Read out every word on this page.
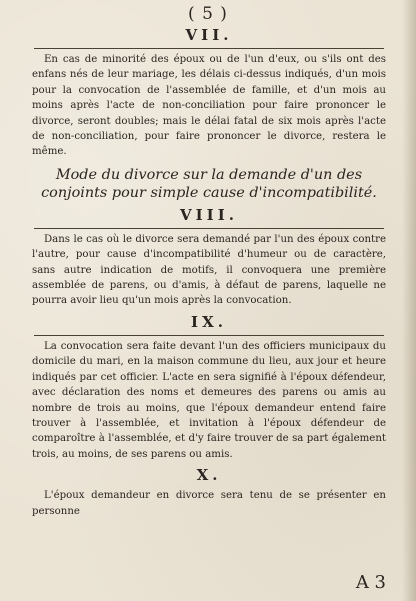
( 5 )
VII.

En cas de minorité des époux ou de l'un d'eux, ou s'ils ont des enfans nés de leur mariage, les délais ci-dessus indiqués, d'un mois pour la convocation de l'assemblée de famille, et d'un mois au moins après l'acte de non-conciliation pour faire prononcer le divorce, seront doubles; mais le délai fatal de six mois après l'acte de non-conciliation, pour faire prononcer le divorce, restera le même.

Mode du divorce sur la demande d'un des conjoints pour simple cause d'incompatibilité.
VIII.

Dans le cas où le divorce sera demandé par l'un des époux contre l'autre, pour cause d'incompatibilité d'humeur ou de caractère, sans autre indication de motifs, il convoquera une première assemblée de parens, ou d'amis, à défaut de parens, laquelle ne pourra avoir lieu qu'un mois après la convocation.

IX.

La convocation sera faite devant l'un des officiers municipaux du domicile du mari, en la maison commune du lieu, aux jour et heure indiqués par cet officier. L'acte en sera signifié à l'époux défendeur, avec déclaration des noms et demeures des parens ou amis au nombre de trois au moins, que l'époux demandeur entend faire trouver à l'assemblée, et invitation à l'époux défendeur de comparoître à l'assemblée, et d'y faire trouver de sa part également trois, au moins, de ses parens ou amis.

X.

L'époux demandeur en divorce sera tenu de se présenter en personne

A 3
